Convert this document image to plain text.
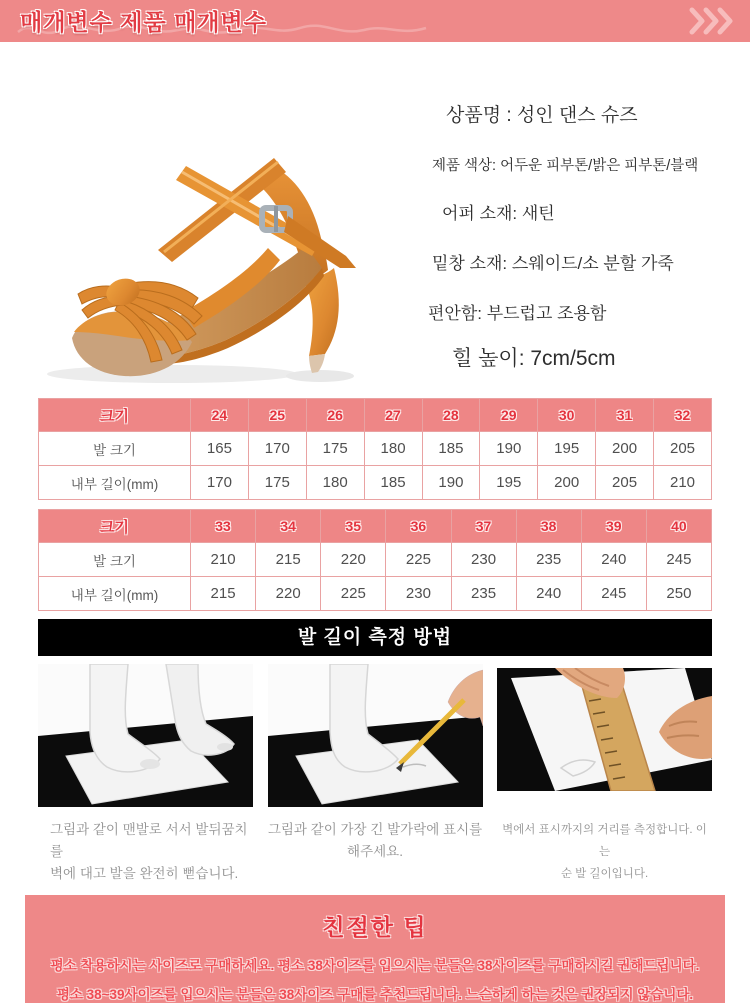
매개변수 제품 매개변수
상품명 : 성인 댄스 슈즈
제품 색상: 어두운 피부톤/밝은 피부톤/블랙
어퍼 소재: 새틴
밑창 소재: 스웨이드/소 분할 가죽
편안함: 부드럽고 조용함
힐 높이: 7cm/5cm
크기	24	25	26	27	28	29	30	31	32
발 크기	165	170	175	180	185	190	195	200	205
내부 길이(mm)	170	175	180	185	190	195	200	205	210
크기	33	34	35	36	37	38	39	40
발 크기	210	215	220	225	230	235	240	245
내부 길이(mm)	215	220	225	230	235	240	245	250
발 길이 측정 방법
그림과 같이 맨발로 서서 발뒤꿈치를
벽에 대고 발을 완전히 뻗습니다.
그림과 같이 가장 긴 발가락에 표시를
해주세요.
벽에서 표시까지의 거리를 측정합니다. 이는
순 발 길이입니다.
친절한 팁
평소 착용하시는 사이즈로 구매하세요. 평소 38사이즈를 입으시는 분들은 38사이즈를 구매하시길 권해드립니다.
평소 38~39사이즈를 입으시는 분들은 38사이즈 구매를 추천드립니다. 느슨하게 하는 것은 권장되지 않습니다.
